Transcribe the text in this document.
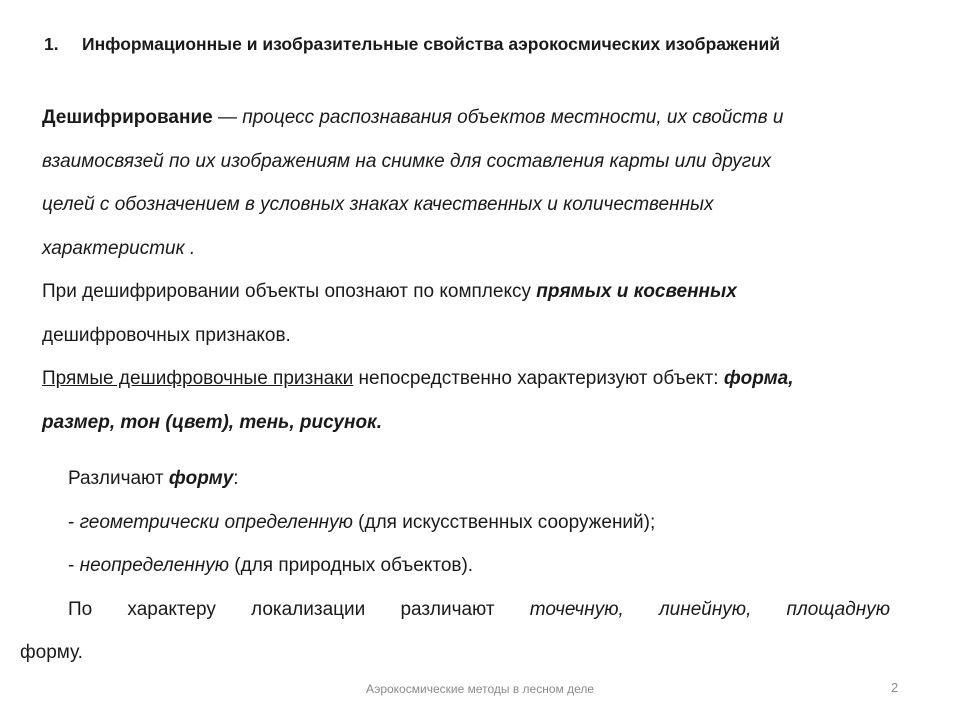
1. Информационные и изобразительные свойства аэрокосмических изображений

Дешифрирование — процесс распознавания объектов местности, их свойств и

взаимосвязей по их изображениям на снимке для составления карты или других

целей с обозначением в условных знаках качественных и количественных

характеристик .

При дешифрировании объекты опознают по комплексу прямых и косвенных

дешифровочных признаков.

Прямые дешифровочные признаки непосредственно характеризуют объект: форма,

размер, тон (цвет), тень, рисунок.

Различают форму:

- геометрически определенную (для искусственных сооружений);

- неопределенную (для природных объектов).

По характеру локализации различают точечную, линейную, площадную

форму.

Аэрокосмические методы в лесном деле	2
